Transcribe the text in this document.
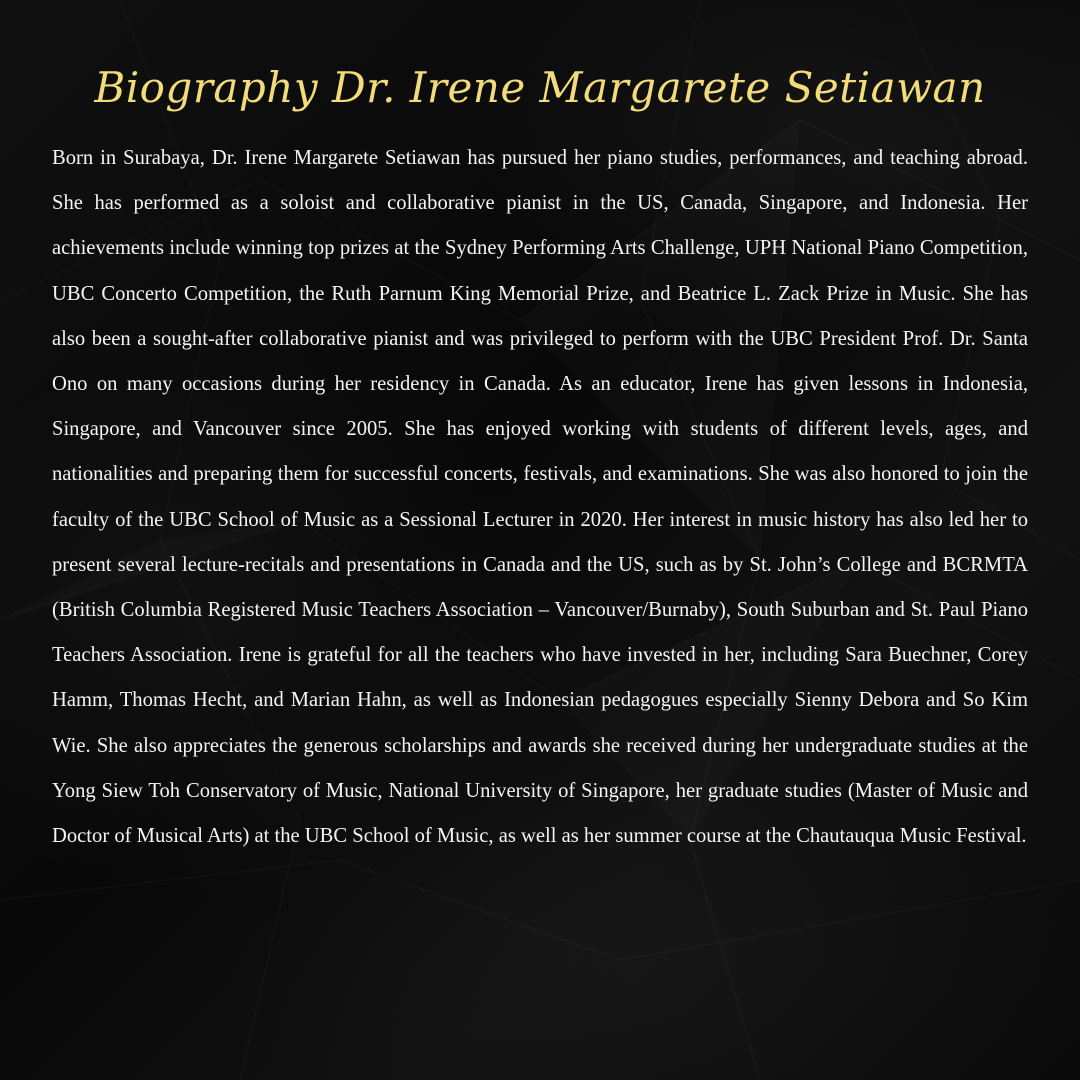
Biography Dr. Irene Margarete Setiawan

Born in Surabaya, Dr. Irene Margarete Setiawan has pursued her piano studies, performances, and teaching abroad. She has performed as a soloist and collaborative pianist in the US, Canada, Singapore, and Indonesia. Her achievements include winning top prizes at the Sydney Performing Arts Challenge, UPH National Piano Competition, UBC Concerto Competition, the Ruth Parnum King Memorial Prize, and Beatrice L. Zack Prize in Music. She has also been a sought-after collaborative pianist and was privileged to perform with the UBC President Prof. Dr. Santa Ono on many occasions during her residency in Canada. As an educator, Irene has given lessons in Indonesia, Singapore, and Vancouver since 2005. She has enjoyed working with students of different levels, ages, and nationalities and preparing them for successful concerts, festivals, and examinations. She was also honored to join the faculty of the UBC School of Music as a Sessional Lecturer in 2020. Her interest in music history has also led her to present several lecture-recitals and presentations in Canada and the US, such as by St. John’s College and BCRMTA (British Columbia Registered Music Teachers Association – Vancouver/Burnaby), South Suburban and St. Paul Piano Teachers Association. Irene is grateful for all the teachers who have invested in her, including Sara Buechner, Corey Hamm, Thomas Hecht, and Marian Hahn, as well as Indonesian pedagogues especially Sienny Debora and So Kim Wie. She also appreciates the generous scholarships and awards she received during her undergraduate studies at the Yong Siew Toh Conservatory of Music, National University of Singapore, her graduate studies (Master of Music and Doctor of Musical Arts) at the UBC School of Music, as well as her summer course at the Chautauqua Music Festival.
